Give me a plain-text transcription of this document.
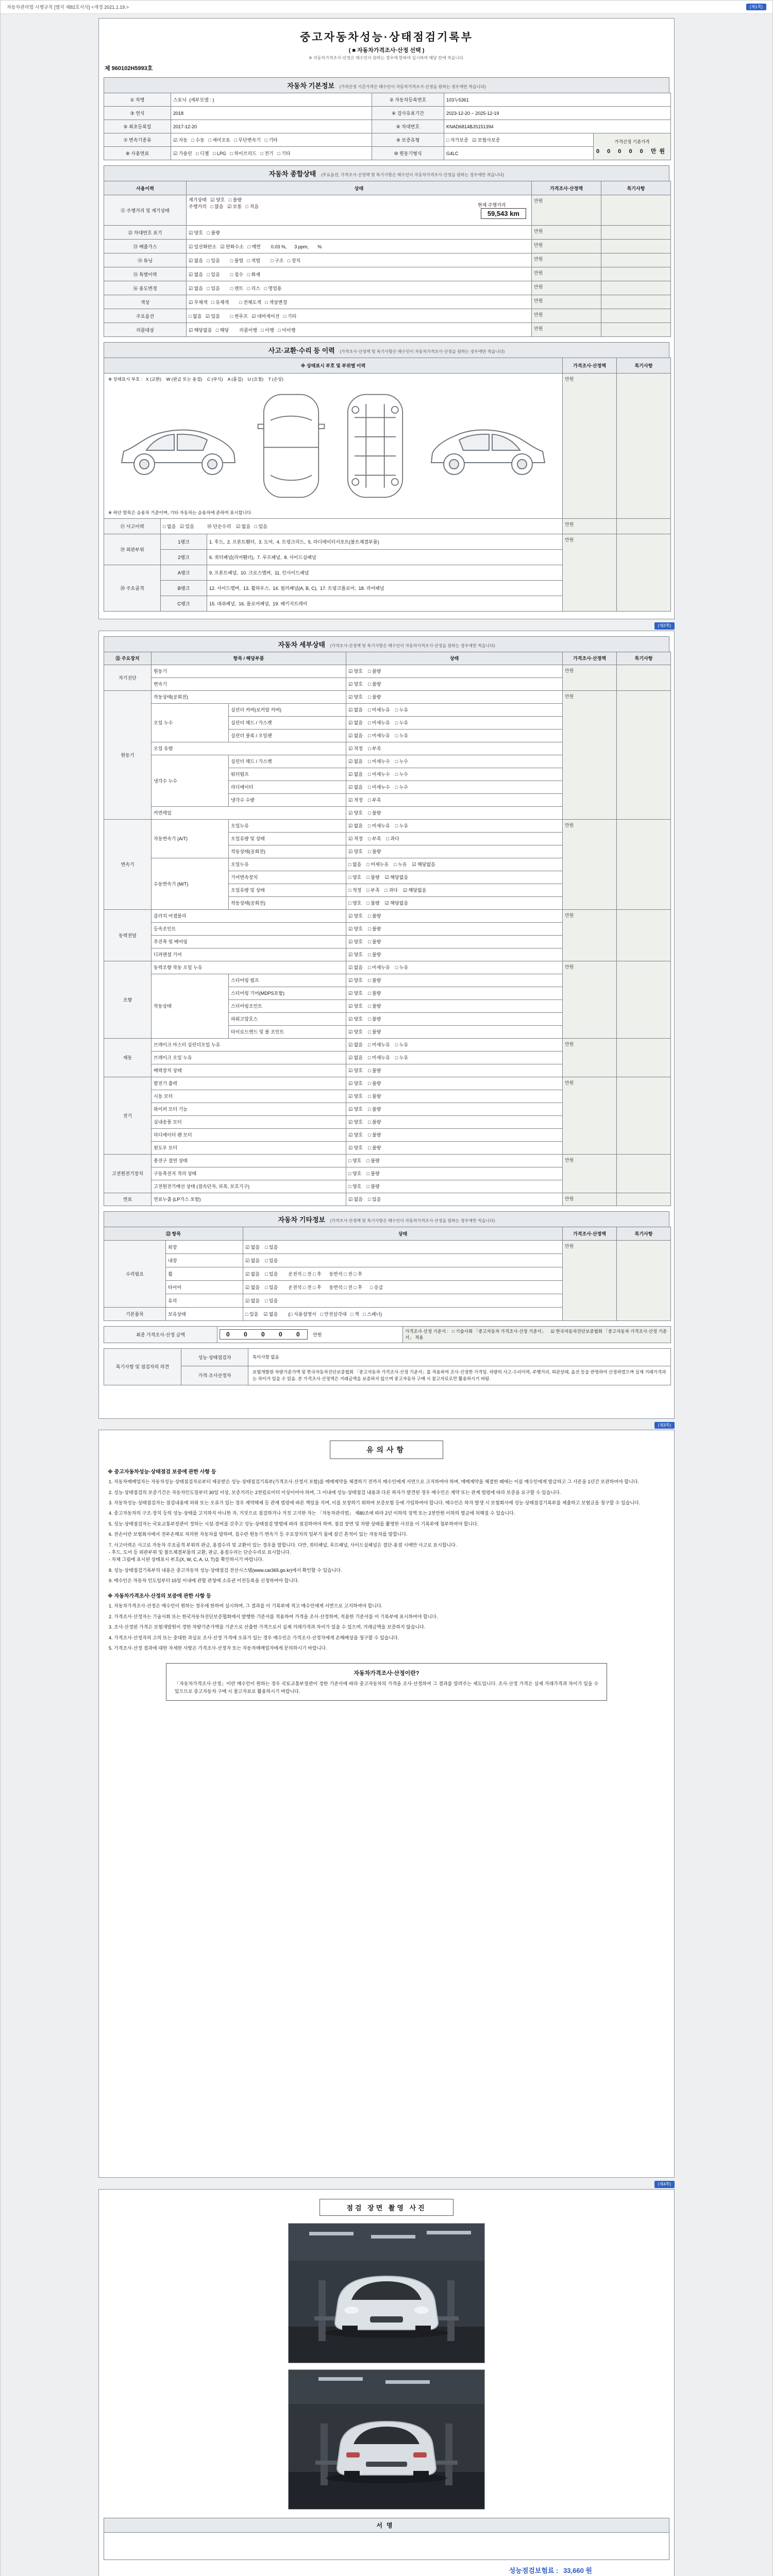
자동차관리법 시행규칙 [별지 제82호서식] <개정 2021.1.19.>	(제1쪽)
중고자동차성능·상태점검기록부
( ■ 자동차가격조사·산정 선택 )
※ 자동차가격조사·산정은 매수인이 원하는 경우에 한하여 실시하며 해당 란에 적습니다.
제 960102H5993호
자동차 기본정보 (가격산정 기준가격은 매수인이 자동차가격조사·산정을 원하는 경우에만 적습니다)
① 차명	스토닉  (세부모델 : )	② 자동차등록번호	103누5361	
③ 연식	2018	④ 검사유효기간	2023-12-20 ~ 2025-12-19	
⑤ 최초등록일	2017-12-20	⑥ 차대번호	KNAD6814BJS151394	
⑦ 변속기종류	☑ 자동   □ 수동   □ 세미오토   □ 무단변속기   □ 기타	⑨ 보증유형	□ 자가보증   ☑ 보험사보증	가격산정 기준가격
0 0 0 0 0 만원
⑧ 사용연료	☑ 가솔린   □ 디젤   □ LPG   □ 하이브리드   □ 전기   □ 기타	⑩ 원동기형식	G4LC	
자동차 종합상태 (주요옵션, 가격조사·산정액 및 특기사항은 매수인이 자동차가격조사·산정을 원하는 경우에만 적습니다)
사용이력	상태	가격조사·산정액	특기사항
⑪ 주행거리 및 계기상태	계기상태   ☑ 양호   □ 불량

현재 주행거리
59,543 km

주행거리   □ 많음   ☑ 보통   □ 적음	만원	
⑫ 차대번호 표기	☑ 양호   □ 불량	만원	
⑬ 배출가스	☑ 일산화탄소   ☑ 탄화수소   □ 매연        0.03 %,      3 ppm,       %	만원	
⑭ 튜닝	☑ 없음   □ 있음        □ 불법   □ 적법        □ 구조   □ 장치	만원	
⑮ 특별이력	☑ 없음   □ 있음        □ 침수   □ 화재	만원	
⑯ 용도변경	☑ 없음   □ 있음        □ 렌트   □ 리스   □ 영업용	만원	
색상	☑ 무채색   □ 유채색        □ 전체도색   □ 색상변경	만원	
주요옵션	□ 없음   ☑ 있음        □ 썬루프   ☑ 네비게이션   □ 기타	만원	
리콜대상	☑ 해당없음   □ 해당        리콜이행   □ 이행   □ 미이행	만원	
사고·교환·수리 등 이력 (가격조사·산정액 및 특기사항은 매수인이 자동차가격조사·산정을 원하는 경우에만 적습니다)
※ 상태표시 부호 및 부위별 이력			가격조사·산정액	특기사항

※ 상태표시 부호 :   X (교환)    W (판금 또는 용접)    C (부식)    A (흠집)    U (요철)    T (손상)
※ 하단 항목은 승용차 기준이며, 기타 자동차는 승용차에 준하여 표시합니다.			만원	
⑰ 사고이력	□ 없음   ☑ 있음          ⑱ 단순수리    ☑ 없음   □ 있음		만원	
⑲ 외판부위	1랭크	1. 후드,  2. 프론트휀더,  3. 도어,  4. 트렁크리드,  5. 라디에이터서포트(볼트체결부품)	만원	
	2랭크	6. 쿼터패널(리어휀더),  7. 루프패널,  8. 사이드실패널		
⑳ 주요골격	A랭크	9. 프론트패널,  10. 크로스멤버,  11. 인사이드패널		
	B랭크	12. 사이드멤버,  13. 휠하우스,  14. 필러패널(A, B, C),  17. 트렁크플로어,  18. 리어패널		
	C랭크	15. 대쉬패널,  16. 플로어패널,  19. 패키지트레이		
(제2쪽)
자동차 세부상태 (가격조사·산정액 및 특기사항은 매수인이 자동차가격조사·산정을 원하는 경우에만 적습니다)
㉑ 주요장치	항목 / 해당부품		상태	가격조사·산정액	특기사항
자기진단	원동기		☑ 양호    □ 불량	만원	
	변속기		☑ 양호    □ 불량		
원동기	작동상태(공회전)		☑ 양호    □ 불량	만원	
	오일 누수	실린더 커버(로커암 커버)	☑ 없음    □ 미세누유    □ 누유		
		실린더 헤드 / 가스켓	☑ 없음    □ 미세누유    □ 누유		
		실린더 블록 / 오일팬	☑ 없음    □ 미세누유    □ 누유		
	오일 유량		☑ 적정    □ 부족		
	냉각수 누수	실린더 헤드 / 가스켓	☑ 없음    □ 미세누수    □ 누수		
		워터펌프	☑ 없음    □ 미세누수    □ 누수		
		라디에이터	☑ 없음    □ 미세누수    □ 누수		
		냉각수 수량	☑ 적정    □ 부족		
	커먼레일		☑ 양호    □ 불량		
변속기	자동변속기 (A/T)	오일누유	☑ 없음    □ 미세누유    □ 누유	만원	
		오일유량 및 상태	☑ 적정    □ 부족    □ 과다		
		작동상태(공회전)	☑ 양호    □ 불량		
	수동변속기 (M/T)	오일누유	□ 없음    □ 미세누유    □ 누유    ☑ 해당없음		
		기어변속장치	□ 양호    □ 불량    ☑ 해당없음		
		오일유량 및 상태	□ 적정    □ 부족    □ 과다    ☑ 해당없음		
		작동상태(공회전)	□ 양호    □ 불량    ☑ 해당없음		
동력전달	클러치 어셈블리		☑ 양호    □ 불량	만원	
	등속조인트		☑ 양호    □ 불량		
	추진축 및 베어링		☑ 양호    □ 불량		
	디퍼렌셜 기어		☑ 양호    □ 불량		
조향	동력조향 작동 오일 누유		☑ 없음    □ 미세누유    □ 누유	만원	
	작동상태	스티어링 펌프	☑ 양호    □ 불량		
		스티어링 기어(MDPS포함)	☑ 양호    □ 불량		
		스티어링조인트	☑ 양호    □ 불량		
		파워고압호스	☑ 양호    □ 불량		
		타이로드엔드 및 볼 조인트	☑ 양호    □ 불량		
제동	브레이크 마스터 실린더오일 누유		☑ 없음    □ 미세누유    □ 누유	만원	
	브레이크 오일 누유		☑ 없음    □ 미세누유    □ 누유		
	배력장치 상태		☑ 양호    □ 불량		
전기	발전기 출력		☑ 양호    □ 불량	만원	
	시동 모터		☑ 양호    □ 불량		
	와이퍼 모터 기능		☑ 양호    □ 불량		
	실내송풍 모터		☑ 양호    □ 불량		
	라디에이터 팬 모터		☑ 양호    □ 불량		
	윈도우 모터		☑ 양호    □ 불량		
고전원전기장치	충전구 절연 상태		□ 양호    □ 불량	만원	
	구동축전지 격리 상태		□ 양호    □ 불량		
	고전원전기배선 상태 (접속단자, 피복, 보호기구)		□ 양호    □ 불량		
연료	연료누출 (LP가스 포함)		☑ 없음    □ 있음	만원	
자동차 기타정보 (가격조사·산정액 및 특기사항은 매수인이 자동차가격조사·산정을 원하는 경우에만 적습니다)
㉒ 항목		상태	가격조사·산정액	특기사항
수리필요	외장	☑ 없음    □ 있음	만원	
	내장	☑ 없음    □ 있음		
	휠	☑ 없음    □ 있음        운전석 □ 전 □ 후      동반석 □ 전 □ 후		
	타이어	☑ 없음    □ 있음        운전석 □ 전 □ 후      동반석 □ 전 □ 후      □ 응급		
	유리	☑ 없음    □ 있음		
기본품목	보유상태	□ 있음    ☑ 없음        (□ 사용설명서   □ 안전삼각대   □ 잭   □ 스패너)		
최종 가격조사·산정 금액	0 0 0 0 0 만원	가격조사·산정 기준서 :   □ 기술사회 「중고자동차 가격조사·산정 기준서」    ☑ 한국자동차진단보증협회 「중고자동차 가격조사·산정 기준서」 적용
특기사항 및 점검자의 의견	성능·상태점검자	특이사항 없음
	가격·조사산정자	보험개발원 차량기준가액 및 한국자동차진단보증협회 「중고자동차 가격조사·산정 기준서」를 적용하여 조사·산정한 가격임. 차량의 사고·수리이력, 주행거리, 외관상태, 옵션 등을 반영하여 산정하였으며 실제 거래가격과는 차이가 있을 수 있음. 본 가격조사·산정액은 거래금액을 보증하지 않으며 중고자동차 구매 시 참고자료로만 활용하시기 바람.
(제3쪽)
유의사항
※ 중고자동차성능·상태점검 보증에 관한 사항 등
1. 자동차매매업자는 자동차성능·상태점검자로부터 제공받은 성능·상태점검기록부(가격조사·산정서 포함)를 매매계약을 체결하기 전까지 매수인에게 서면으로 고지하여야 하며, 매매계약을 체결한 때에는 이를 매수인에게 발급하고 그 사본을 1년간 보관하여야 합니다.
2. 성능·상태점검의 보증기간은 자동차인도일부터 30일 이상, 보증거리는 2천킬로미터 이상이어야 하며, 그 이내에 성능·상태점검 내용과 다른 하자가 발견된 경우 매수인은 계약 또는 관계 법령에 따라 보증을 요구할 수 있습니다.
3. 자동차성능·상태점검자는 점검내용에 허위 또는 오류가 있는 경우 계약해제 등 관계 법령에 따른 책임을 지며, 이를 보장하기 위하여 보증보험 등에 가입하여야 합니다. 매수인은 하자 발생 시 보험회사에 성능·상태점검기록부를 제출하고 보험금을 청구할 수 있습니다.
4. 중고자동차의 구조·장치 등의 성능·상태를 고지하지 아니한 자, 거짓으로 점검하거나 거짓 고지한 자는 「자동차관리법」 제80조에 따라 2년 이하의 징역 또는 2천만원 이하의 벌금에 처해질 수 있습니다.
5. 성능·상태점검자는 국토교통부장관이 정하는 시설·장비를 갖추고 성능·상태점검 방법에 따라 점검하여야 하며, 점검 장면 및 차량 상태를 촬영한 사진을 이 기록부에 첨부하여야 합니다.
6. 전손이란 보험회사에서 전부손해로 처리한 자동차를 말하며, 침수란 원동기·변속기 등 주요장치의 일부가 물에 잠긴 흔적이 있는 자동차를 말합니다.
7. 사고이력은 사고로 자동차 주요골격 부위의 판금, 용접수리 및 교환이 있는 경우를 말합니다. 다만, 쿼터패널, 루프패널, 사이드실패널은 절단·용접 시에만 사고로 표시합니다.
- 후드, 도어 등 외판부위 및 볼트체결부품의 교환, 판금, 용접수리는 단순수리로 표시합니다.
- 차체 그림에 표시된 상태표시 부호(X, W, C, A, U, T)를 확인하시기 바랍니다.
8. 성능·상태점검기록부의 내용은 중고자동차 성능·상태점검 전산시스템(www.car365.go.kr)에서 확인할 수 있습니다.
9. 매수인은 자동차 인도일부터 15일 이내에 관할 관청에 소유권 이전등록을 신청하여야 합니다.
※ 자동차가격조사·산정의 보증에 관한 사항 등
1. 자동차가격조사·산정은 매수인이 원하는 경우에 한하여 실시하며, 그 결과를 이 기록부에 적고 매수인에게 서면으로 고지하여야 합니다.
2. 가격조사·산정자는 기술사회 또는 한국자동차진단보증협회에서 발행한 기준서를 적용하여 가격을 조사·산정하며, 적용한 기준서를 이 기록부에 표시하여야 합니다.
3. 조사·산정된 가격은 보험개발원이 정한 차량기준가액을 기준으로 산출한 가격으로서 실제 거래가격과 차이가 있을 수 있으며, 거래금액을 보증하지 않습니다.
4. 가격조사·산정자의 고의 또는 중대한 과실로 조사·산정 가격에 오류가 있는 경우 매수인은 가격조사·산정자에게 손해배상을 청구할 수 있습니다.
5. 가격조사·산정 결과에 대한 자세한 사항은 가격조사·산정자 또는 자동차매매업자에게 문의하시기 바랍니다.
자동차가격조사·산정이란?
「자동차가격조사·산정」이란 매수인이 원하는 경우 국토교통부장관이 정한 기준서에 따라 중고자동차의 가격을 조사·산정하여 그 결과를 알려주는 제도입니다. 조사·산정 가격은 실제 거래가격과 차이가 있을 수 있으므로 중고자동차 구매 시 참고자료로 활용하시기 바랍니다.
(제4쪽)
점검 장면 촬영 사진
서명
성능점검보험료 : 33,660 원
